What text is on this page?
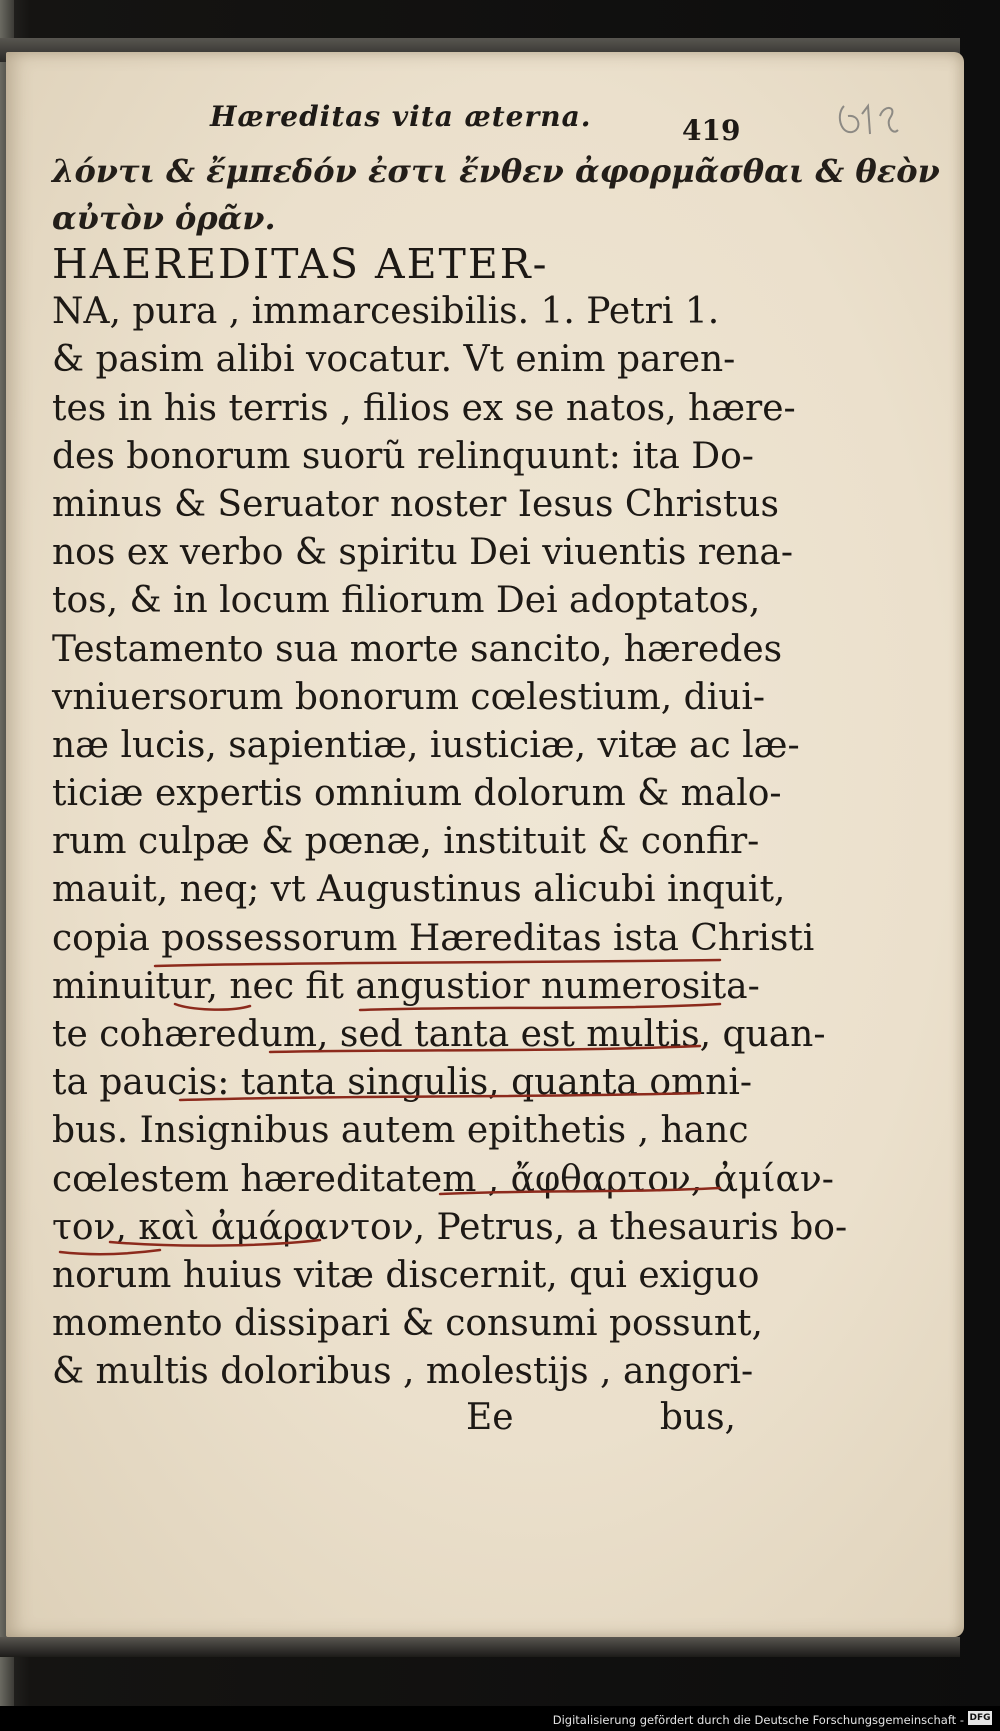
Hæreditas vita æterna.	419
λόντι & ἔμπεδόν ἐστι ἔνθεν ἀφορμᾶσθαι & θεὸν
αὐτὸν ὁρᾶν.
HAEREDITAS AETER-
NA, pura , immarcesibilis. 1. Petri 1.
& pasim alibi vocatur. Vt enim paren-
tes in his terris , filios ex se natos, hære-
des bonorum suorũ relinquunt: ita Do-
minus & Seruator noster Iesus Christus
nos ex verbo & spiritu Dei viuentis rena-
tos, & in locum filiorum Dei adoptatos,
Testamento sua morte sancito, hæredes
vniuersorum bonorum cœlestium, diui-
næ lucis, sapientiæ, iusticiæ, vitæ ac læ-
ticiæ expertis omnium dolorum & malo-
rum culpæ & pœnæ, instituit & confir-
mauit, neq; vt Augustinus alicubi inquit,
copia possessorum Hæreditas ista Christi
minuitur, nec fit angustior numerosita-
te cohæredum, sed tanta est multis, quan-
ta paucis: tanta singulis, quanta omni-
bus. Insignibus autem epithetis , hanc
cœlestem hæreditatem , ἄφθαρτον, ἀμίαν-
τον, καὶ ἀμάραντον, Petrus, a thesauris bo-
norum huius vitæ discernit, qui exiguo
momento dissipari & consumi possunt,
& multis doloribus , molestijs , angori-
Ee	bus,
Digitalisierung gefördert durch die Deutsche Forschungsgemeinschaft - DFG
